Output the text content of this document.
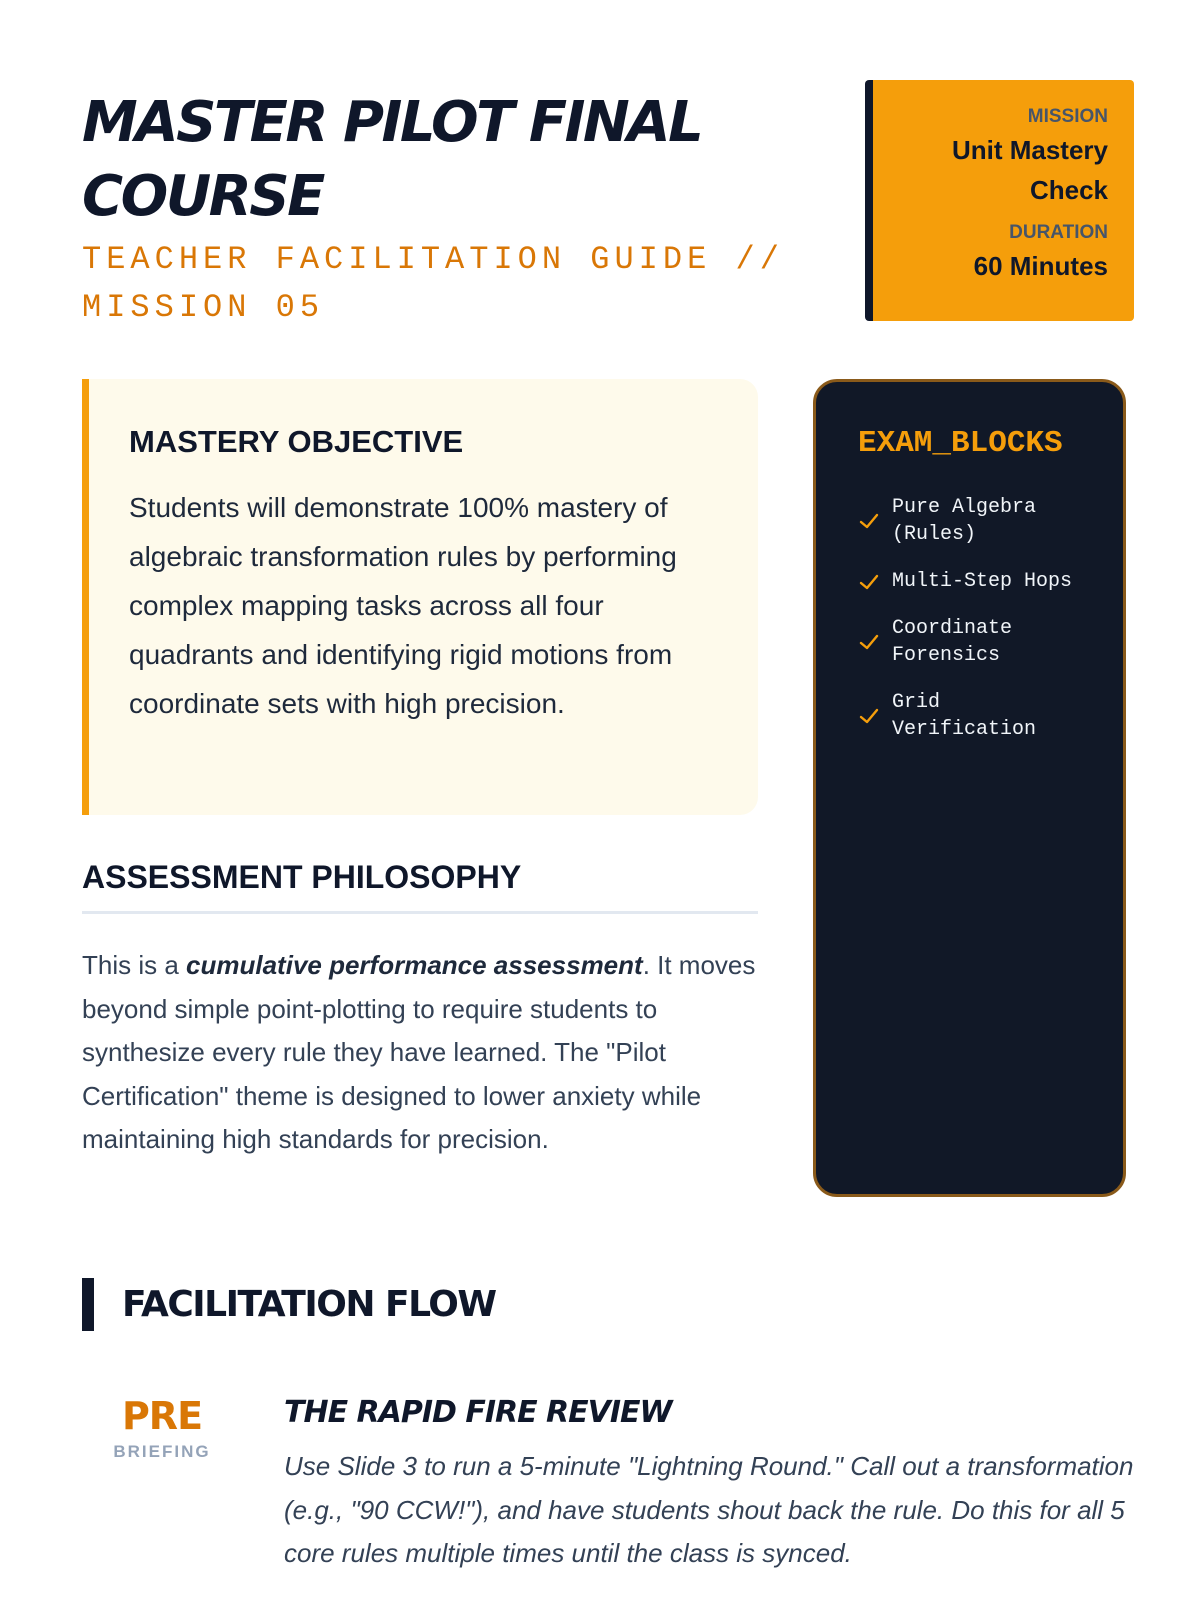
MASTER PILOT FINAL COURSE
TEACHER FACILITATION GUIDE // MISSION 05
MISSION
Unit Mastery Check
DURATION
60 Minutes
MASTERY OBJECTIVE

Students will demonstrate 100% mastery of algebraic transformation rules by performing complex mapping tasks across all four quadrants and identifying rigid motions from coordinate sets with high precision.

EXAM_BLOCKS
Pure Algebra
(Rules)
Multi-Step Hops
Coordinate
Forensics
Grid
Verification
ASSESSMENT PHILOSOPHY

This is a cumulative performance assessment. It moves beyond simple point-plotting to require students to synthesize every rule they have learned. The "Pilot Certification" theme is designed to lower anxiety while maintaining high standards for precision.

FACILITATION FLOW
PRE
BRIEFING
THE RAPID FIRE REVIEW

Use Slide 3 to run a 5-minute "Lightning Round." Call out a transformation (e.g., "90 CCW!"), and have students shout back the rule. Do this for all 5 core rules multiple times until the class is synced.
